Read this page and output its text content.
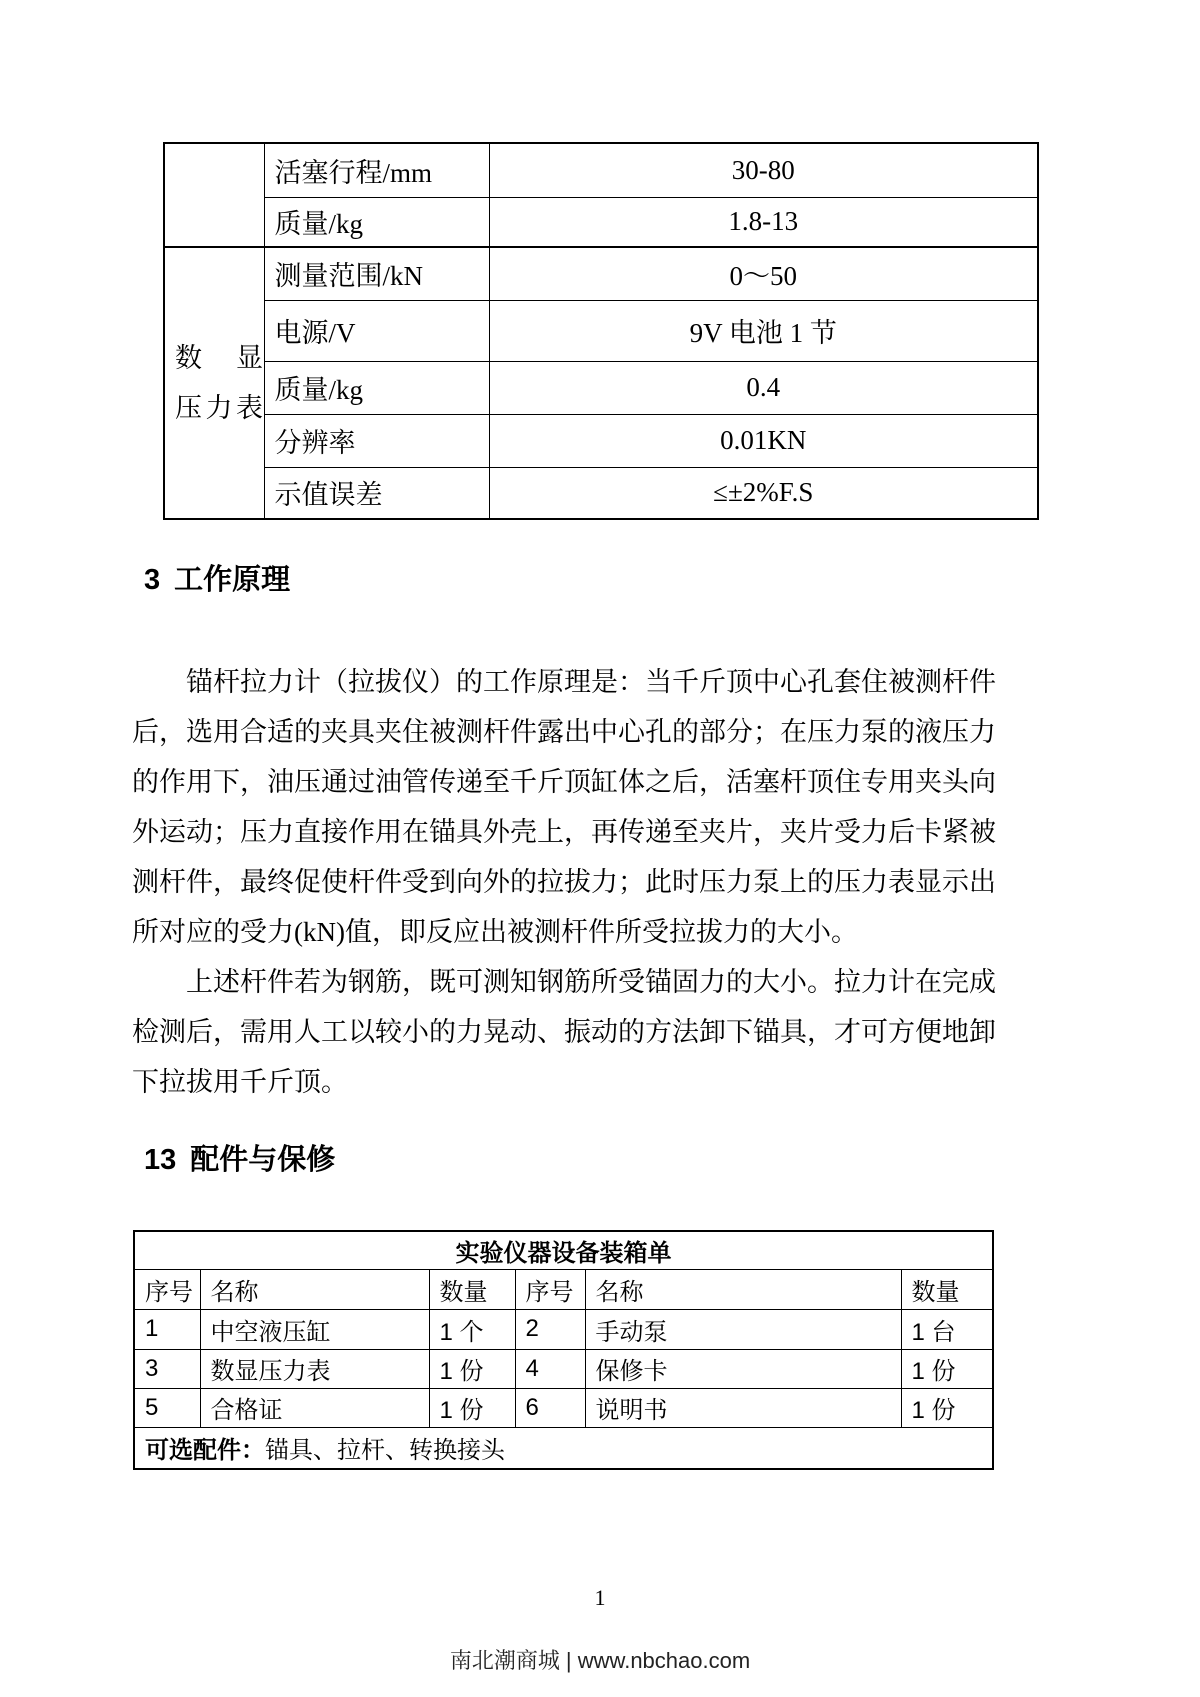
	活塞行程/mm	30-80
	质量/kg	1.8-13

数显
压力表	测量范围/kN	0～50
	电源/V	9V 电池 1 节
	质量/kg	0.4
	分辨率	0.01KN
	示值误差	≤±2%F.S
3 工作原理
锚杆拉力计（拉拔仪）的工作原理是：当千斤顶中心孔套住被测杆件
后，选用合适的夹具夹住被测杆件露出中心孔的部分；在压力泵的液压力
的作用下，油压通过油管传递至千斤顶缸体之后，活塞杆顶住专用夹头向
外运动；压力直接作用在锚具外壳上，再传递至夹片，夹片受力后卡紧被
测杆件，最终促使杆件受到向外的拉拔力；此时压力泵上的压力表显示出
所对应的受力(kN)值，即反应出被测杆件所受拉拔力的大小。
上述杆件若为钢筋，既可测知钢筋所受锚固力的大小。拉力计在完成
检测后，需用人工以较小的力晃动、振动的方法卸下锚具，才可方便地卸
下拉拔用千斤顶。
13 配件与保修
实验仪器设备装箱单					
序号	名称	数量	序号	名称	数量
1	中空液压缸	1 个	2	手动泵	1 台
3	数显压力表	1 份	4	保修卡	1 份
5	合格证	1 份	6	说明书	1 份
可选配件：锚具、拉杆、转换接头					
1
南北潮商城 | www.nbchao.com
